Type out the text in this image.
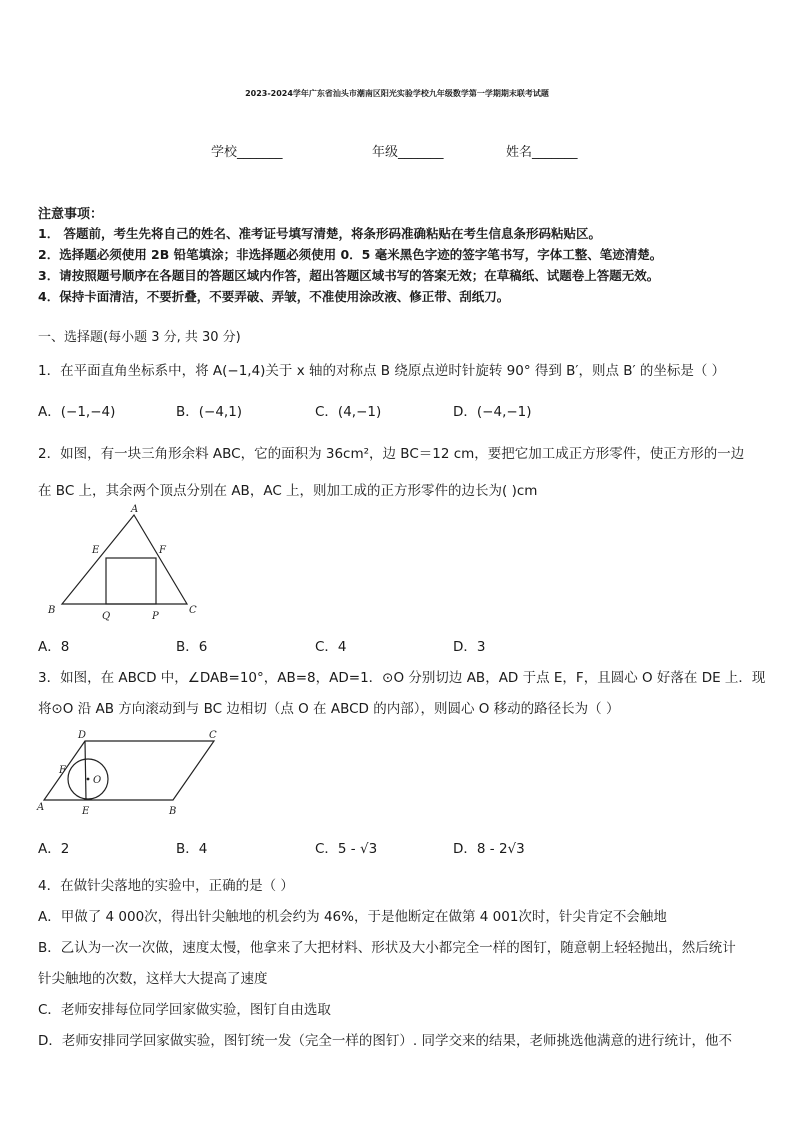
2023-2024学年广东省汕头市潮南区阳光实验学校九年级数学第一学期期末联考试题
学校_______	年级_______	姓名_______
注意事项：
1． 答题前，考生先将自己的姓名、准考证号填写清楚，将条形码准确粘贴在考生信息条形码粘贴区。
2．选择题必须使用 2B 铅笔填涂；非选择题必须使用 0．5 毫米黑色字迹的签字笔书写，字体工整、笔迹清楚。
3．请按照题号顺序在各题目的答题区域内作答，超出答题区域书写的答案无效；在草稿纸、试题卷上答题无效。
4．保持卡面清洁，不要折叠，不要弄破、弄皱，不准使用涂改液、修正带、刮纸刀。
一、选择题(每小题 3 分, 共 30 分)
1．在平面直角坐标系中，将 A(−1,4)关于 x 轴的对称点 B 绕原点逆时针旋转 90° 得到 B′，则点 B′ 的坐标是（ ）
A．(−1,−4)	B．(−4,1)	C．(4,−1)	D．(−4,−1)
2．如图，有一块三角形余料 ABC，它的面积为 36cm²，边 BC＝12 cm，要把它加工成正方形零件，使正方形的一边
在 BC 上，其余两个顶点分别在 AB，AC 上，则加工成的正方形零件的边长为( )cm
A
B	C
E	F
Q	P
A．8	B．6	C．4	D．3
3．如图，在 ABCD 中，∠DAB=10°，AB=8，AD=1．⊙O 分别切边 AB，AD 于点 E，F，且圆心 O 好落在 DE 上．现
将⊙O 沿 AB 方向滚动到与 BC 边相切（点 O 在 ABCD 的内部），则圆心 O 移动的路径长为（ ）
D	C
A	B
F
E
O
A．2	B．4	C．5 - √3	D．8 - 2√3
4．在做针尖落地的实验中，正确的是（ ）
A．甲做了 4 000次，得出针尖触地的机会约为 46%，于是他断定在做第 4 001次时，针尖肯定不会触地
B．乙认为一次一次做，速度太慢，他拿来了大把材料、形状及大小都完全一样的图钉，随意朝上轻轻抛出，然后统计
针尖触地的次数，这样大大提高了速度
C．老师安排每位同学回家做实验，图钉自由选取
D．老师安排同学回家做实验，图钉统一发（完全一样的图钉）. 同学交来的结果，老师挑选他满意的进行统计，他不
